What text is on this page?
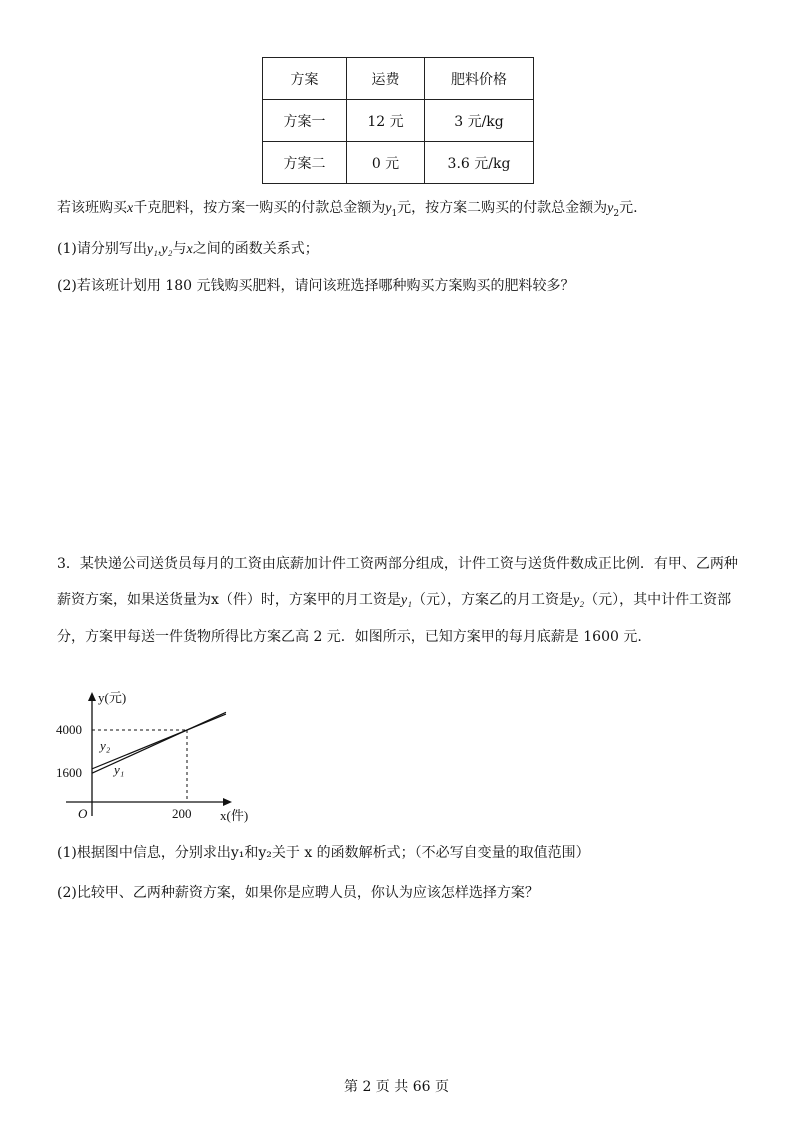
方案	运费	肥料价格
方案一	12 元	3 元/kg
方案二	0 元	3.6 元/kg
若该班购买x千克肥料，按方案一购买的付款总金额为$y_1$元，按方案二购买的付款总金额为$y_2$元.
(1)请分别写出y₁,y₂与x之间的函数关系式；
(2)若该班计划用 180 元钱购买肥料，请问该班选择哪种购买方案购买的肥料较多？
3．某快递公司送货员每月的工资由底薪加计件工资两部分组成，计件工资与送货件数成正比例．有甲、乙两种薪资方案，如果送货量为x（件）时，方案甲的月工资是y₁（元），方案乙的月工资是y₂（元），其中计件工资部分，方案甲每送一件货物所得比方案乙高 2 元．如图所示，已知方案甲的每月底薪是 1600 元.
y(元)
x(件)
O
4000
1600
200
y₂
y₁
(1)根据图中信息，分别求出y₁和y₂关于 x 的函数解析式；（不必写自变量的取值范围）
(2)比较甲、乙两种薪资方案，如果你是应聘人员，你认为应该怎样选择方案？
第 2 页 共 66 页
